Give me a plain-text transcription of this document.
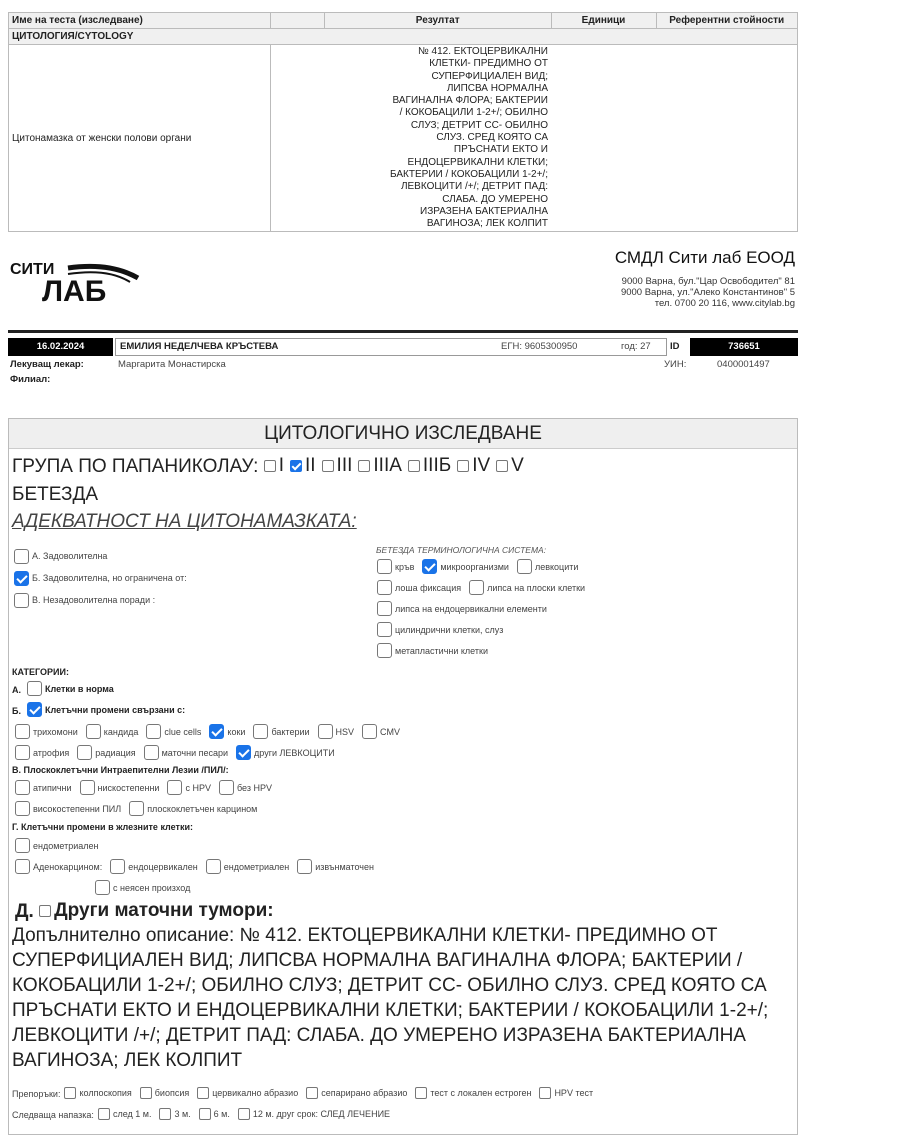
Име на теста (изследване)		Резултат	Единици	Референтни стойности
ЦИТОЛОГИЯ/CYTOLOGY				
Цитонамазка от женски полови органи	№ 412. ЕКТОЦЕРВИКАЛНИ КЛЕТКИ- ПРЕДИМНО ОТ СУПЕРФИЦИАЛЕН ВИД; ЛИПСВА НОРМАЛНА ВАГИНАЛНА ФЛОРА; БАКТЕРИИ / КОКОБАЦИЛИ 1-2+/; ОБИЛНО СЛУЗ; ДЕТРИТ СС- ОБИЛНО СЛУЗ. СРЕД КОЯТО СА ПРЪСНАТИ ЕКТО И ЕНДОЦЕРВИКАЛНИ КЛЕТКИ; БАКТЕРИИ / КОКОБАЦИЛИ 1-2+/; ЛЕВКОЦИТИ /+/; ДЕТРИТ ПАД: СЛАБА. ДО УМЕРЕНО ИЗРАЗЕНА БАКТЕРИАЛНА ВАГИНОЗА; ЛЕК КОЛПИТ			

СИТИ
ЛАБ
СМДЛ Сити лаб ЕООД
9000 Варна, бул."Цар Освободител" 81
9000 Варна, ул."Алеко Константинов" 5
тел. 0700 20 116, www.citylab.bg
16.02.2024	ЕМИЛИЯ НЕДЕЛЧЕВА КРЪСТЕВА	ЕГН: 9605300950	год: 27 ID	736651
Лекуващ лекар:	Маргарита Монастирска	УИН:	0400001497
Филиал:
ЦИТОЛОГИЧНО ИЗСЛЕДВАНЕ
ГРУПА ПО ПАПАНИКОЛАУ: I II III IIIA IIIБ IV V
БЕТЕЗДА
АДЕКВАТНОСТ НА ЦИТОНАМАЗКАТА:
А. Задоволителна
Б. Задоволителна, но ограничена от:
В. Незадоволителна поради :
БЕТЕЗДА ТЕРМИНОЛОГИЧНА СИСТЕМА:
кръв	микроорганизми	левкоцити
лоша фиксация	липса на плоски клетки
липса на ендоцервикални елементи
цилиндрични клетки, слуз
метапластични клетки
КАТЕГОРИИ:
А.	Клетки в норма
Б.	Клетъчни промени свързани с:
трихомони	кандида	clue cells	коки	бактерии	HSV	CMV
атрофия	радиация	маточни песари	други ЛЕВКОЦИТИ
В. Плоскоклетъчни Интраепителни Лезии /ПИЛ/:
атипични	нискостепенни	с HPV	без HPV
високостепенни ПИЛ	плоскоклетъчен карцином
Г. Клетъчни промени в жлезните клетки:
ендометриален
Аденокарцином:	ендоцервикален	ендометриален	извънматочен
с неясен произход
Д. Други маточни тумори:
Допълнително описание: № 412. ЕКТОЦЕРВИКАЛНИ КЛЕТКИ- ПРЕДИМНО ОТ СУПЕРФИЦИАЛЕН ВИД; ЛИПСВА НОРМАЛНА ВАГИНАЛНА ФЛОРА; БАКТЕРИИ / КОКОБАЦИЛИ 1-2+/; ОБИЛНО СЛУЗ; ДЕТРИТ СС- ОБИЛНО СЛУЗ. СРЕД КОЯТО СА ПРЪСНАТИ ЕКТО И ЕНДОЦЕРВИКАЛНИ КЛЕТКИ; БАКТЕРИИ / КОКОБАЦИЛИ 1-2+/; ЛЕВКОЦИТИ /+/; ДЕТРИТ ПАД: СЛАБА. ДО УМЕРЕНО ИЗРАЗЕНА БАКТЕРИАЛНА ВАГИНОЗА; ЛЕК КОЛПИТ
Препоръки: колпоскопия	биопсия	цервикално абразио	сепарирано абразио	тест с локален естроген	HPV тест
Следваща напазка: след 1 м.	3 м.	6 м.	12 м. друг срок: СЛЕД ЛЕЧЕНИЕ
